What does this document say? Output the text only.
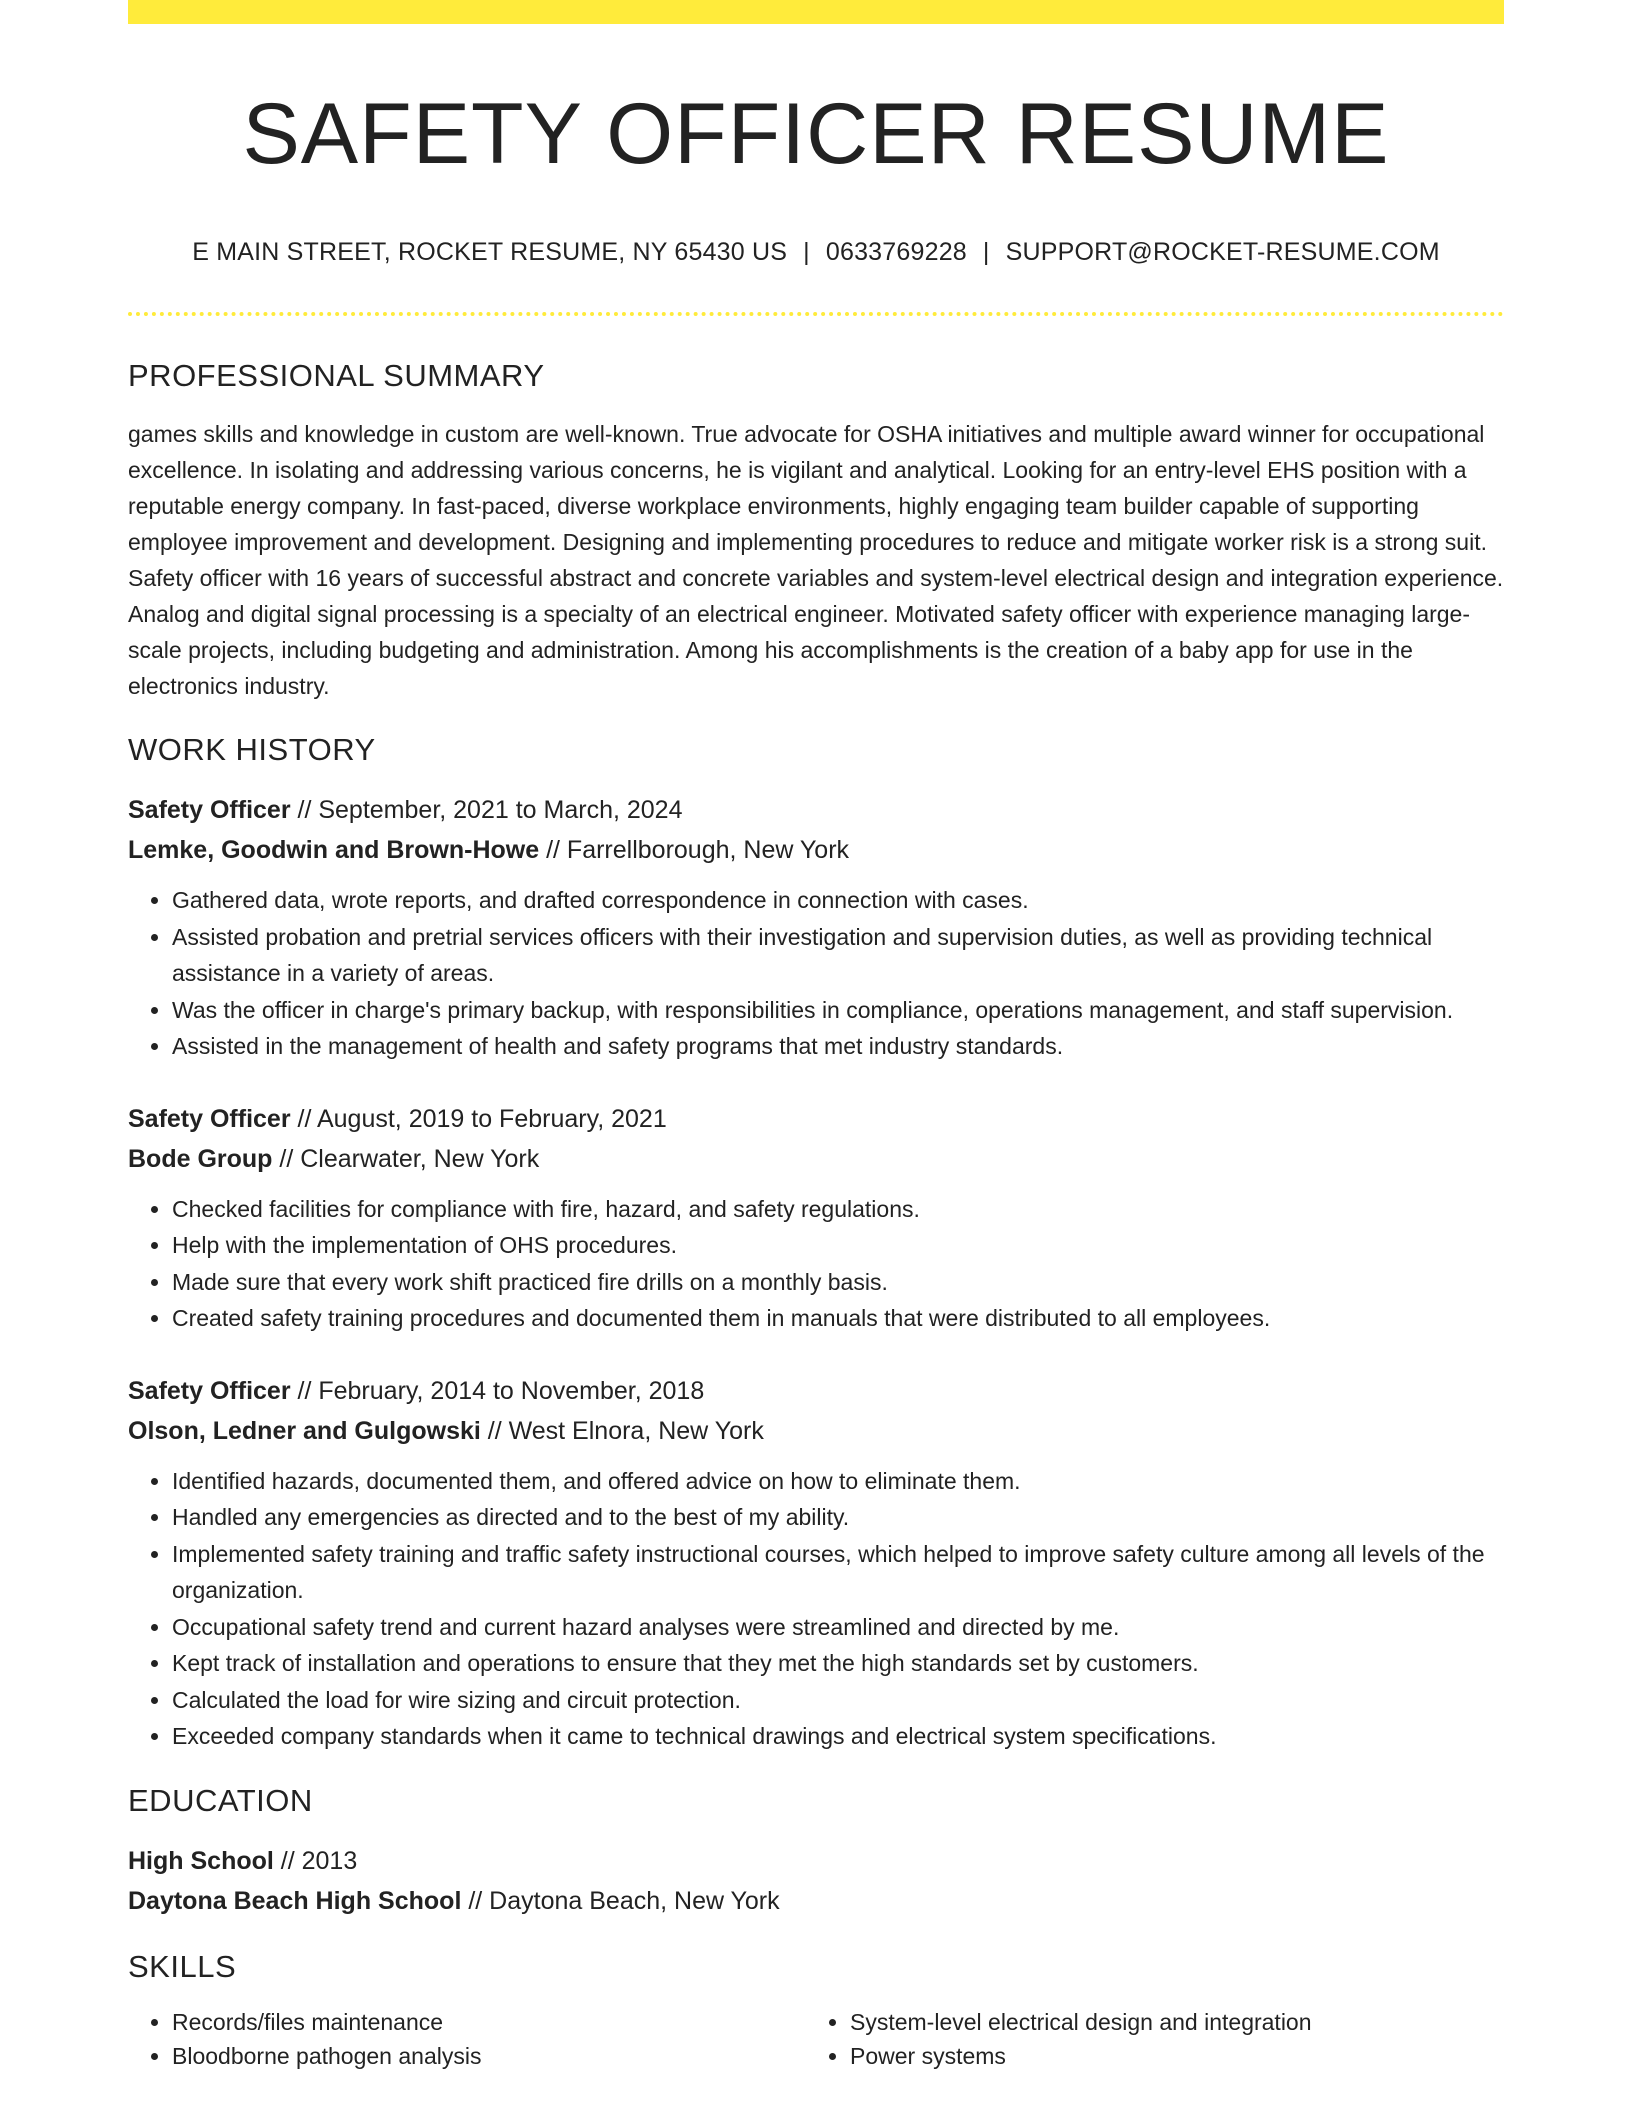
SAFETY OFFICER RESUME
E MAIN STREET, ROCKET RESUME, NY 65430 US | 0633769228 | SUPPORT@ROCKET-RESUME.COM
PROFESSIONAL SUMMARY

games skills and knowledge in custom are well-known. True advocate for OSHA initiatives and multiple award winner for occupational excellence. In isolating and addressing various concerns, he is vigilant and analytical. Looking for an entry-level EHS position with a reputable energy company. In fast-paced, diverse workplace environments, highly engaging team builder capable of supporting employee improvement and development. Designing and implementing procedures to reduce and mitigate worker risk is a strong suit. Safety officer with 16 years of successful abstract and concrete variables and system-level electrical design and integration experience. Analog and digital signal processing is a specialty of an electrical engineer. Motivated safety officer with experience managing large-scale projects, including budgeting and administration. Among his accomplishments is the creation of a baby app for use in the electronics industry.

WORK HISTORY
Safety Officer // September, 2021 to March, 2024
Lemke, Goodwin and Brown-Howe // Farrellborough, New York
• Gathered data, wrote reports, and drafted correspondence in connection with cases.
• Assisted probation and pretrial services officers with their investigation and supervision duties, as well as providing technical assistance in a variety of areas.
• Was the officer in charge's primary backup, with responsibilities in compliance, operations management, and staff supervision.
• Assisted in the management of health and safety programs that met industry standards.
Safety Officer // August, 2019 to February, 2021
Bode Group // Clearwater, New York
• Checked facilities for compliance with fire, hazard, and safety regulations.
• Help with the implementation of OHS procedures.
• Made sure that every work shift practiced fire drills on a monthly basis.
• Created safety training procedures and documented them in manuals that were distributed to all employees.
Safety Officer // February, 2014 to November, 2018
Olson, Ledner and Gulgowski // West Elnora, New York
• Identified hazards, documented them, and offered advice on how to eliminate them.
• Handled any emergencies as directed and to the best of my ability.
• Implemented safety training and traffic safety instructional courses, which helped to improve safety culture among all levels of the organization.
• Occupational safety trend and current hazard analyses were streamlined and directed by me.
• Kept track of installation and operations to ensure that they met the high standards set by customers.
• Calculated the load for wire sizing and circuit protection.
• Exceeded company standards when it came to technical drawings and electrical system specifications.
EDUCATION
High School // 2013
Daytona Beach High School // Daytona Beach, New York
SKILLS
• Records/files maintenance
• Bloodborne pathogen analysis
• System-level electrical design and integration
• Power systems
